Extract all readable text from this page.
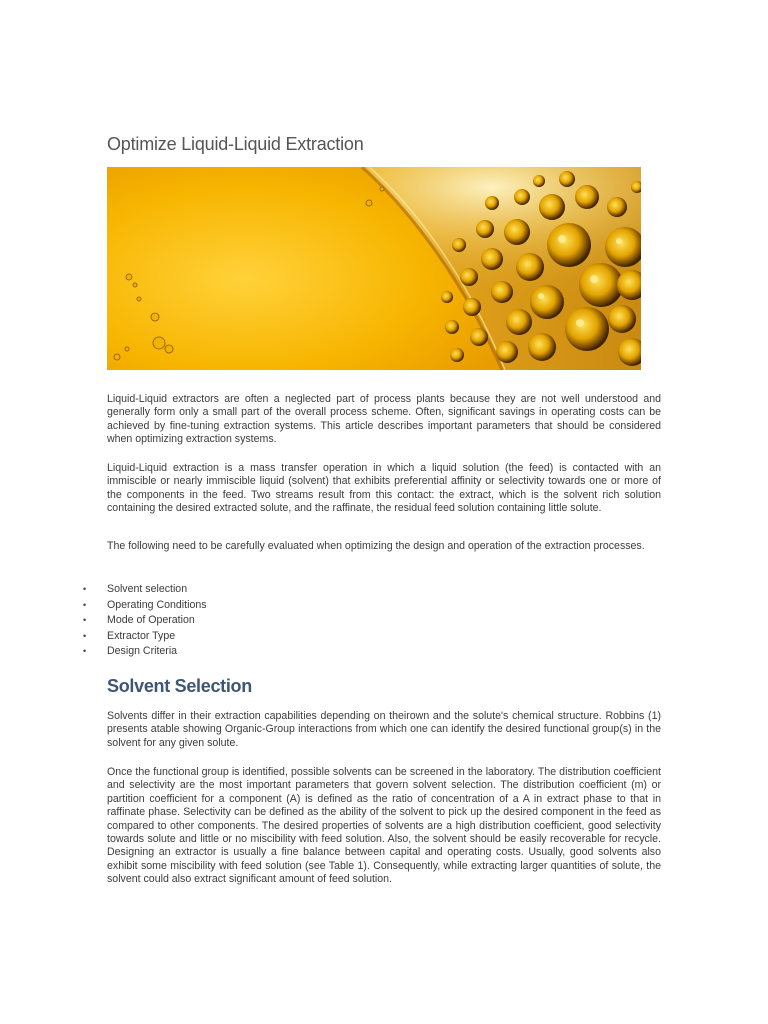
Optimize Liquid-Liquid Extraction

Liquid-Liquid extractors are often a neglected part of process plants because they are not well understood and generally form only a small part of the overall process scheme. Often, significant savings in operating costs can be achieved by fine-tuning extraction systems. This article describes important parameters that should be considered when optimizing extraction systems.

Liquid-Liquid extraction is a mass transfer operation in which a liquid solution (the feed) is contacted with an immiscible or nearly immiscible liquid (solvent) that exhibits preferential affinity or selectivity towards one or more of the components in the feed. Two streams result from this contact: the extract, which is the solvent rich solution containing the desired extracted solute, and the raffinate, the residual feed solution containing little solute.

The following need to be carefully evaluated when optimizing the design and operation of the extraction processes.

• Solvent selection
• Operating Conditions
• Mode of Operation
• Extractor Type
• Design Criteria
Solvent Selection

Solvents differ in their extraction capabilities depending on theirown and the solute's chemical structure. Robbins (1) presents atable showing Organic-Group interactions from which one can identify the desired functional group(s) in the solvent for any given solute.

Once the functional group is identified, possible solvents can be screened in the laboratory. The distribution coefficient and selectivity are the most important parameters that govern solvent selection. The distribution coefficient (m) or partition coefficient for a component (A) is defined as the ratio of concentration of a A in extract phase to that in raffinate phase. Selectivity can be defined as the ability of the solvent to pick up the desired component in the feed as compared to other components. The desired properties of solvents are a high distribution coefficient, good selectivity towards solute and little or no miscibility with feed solution. Also, the solvent should be easily recoverable for recycle. Designing an extractor is usually a fine balance between capital and operating costs. Usually, good solvents also exhibit some miscibility with feed solution (see Table 1). Consequently, while extracting larger quantities of solute, the solvent could also extract significant amount of feed solution.
